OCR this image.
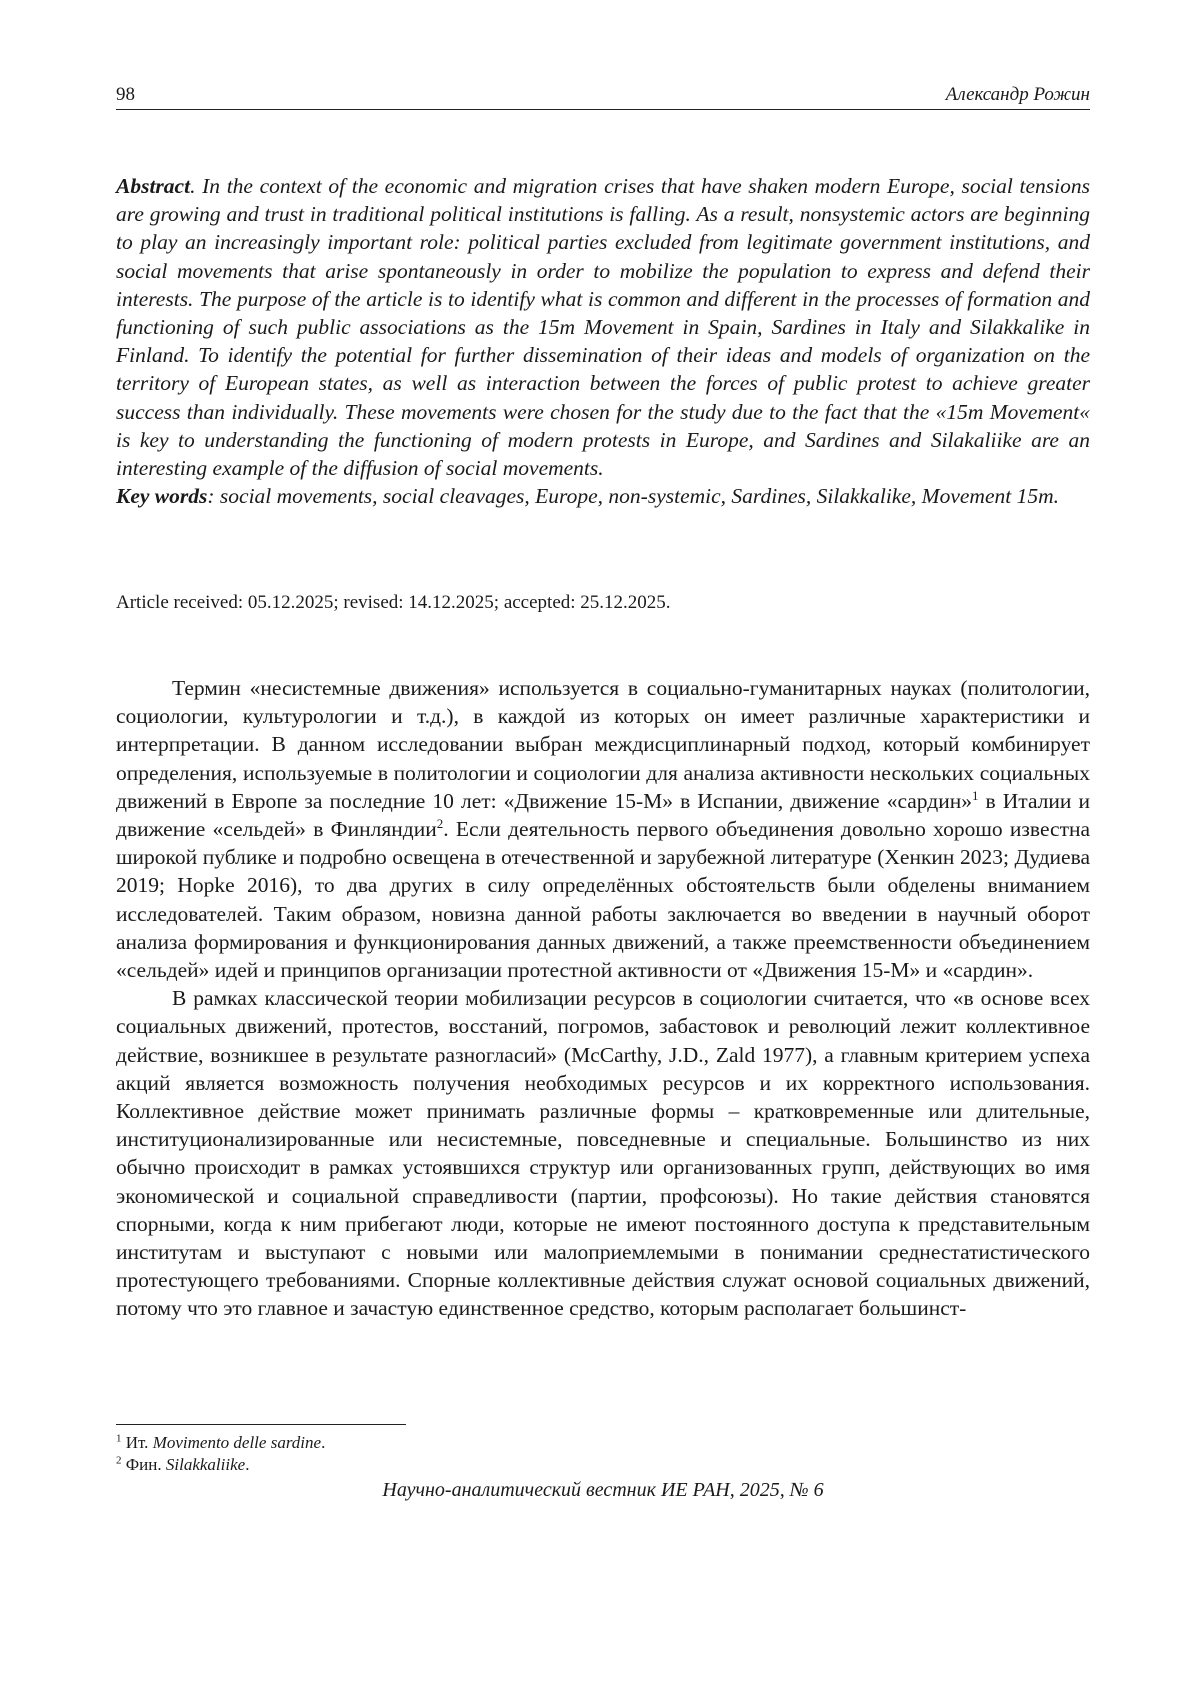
98	Александр Рожин

Abstract. In the context of the economic and migration crises that have shaken modern Europe, social tensions are growing and trust in traditional political institutions is falling. As a result, nonsystemic actors are beginning to play an increasingly important role: political parties excluded from legitimate government institutions, and social movements that arise spontaneously in order to mobilize the population to express and defend their interests. The purpose of the article is to identify what is common and different in the processes of formation and functioning of such public associations as the 15m Movement in Spain, Sardines in Italy and Silakkalike in Finland. To identify the potential for further dissemination of their ideas and models of organization on the territory of European states, as well as interaction between the forces of public protest to achieve greater success than individually. These movements were chosen for the study due to the fact that the «15m Movement« is key to understanding the functioning of modern protests in Europe, and Sardines and Silakaliike are an interesting example of the diffusion of social movements.

Key words: social movements, social cleavages, Europe, non-systemic, Sardines, Silakkalike, Movement 15m.

Article received: 05.12.2025; revised: 14.12.2025; accepted: 25.12.2025.

Термин «несистемные движения» используется в социально-гуманитарных науках (политологии, социологии, культурологии и т.д.), в каждой из которых он имеет различные характеристики и интерпретации. В данном исследовании выбран междисциплинарный подход, который комбинирует определения, используемые в политологии и социологии для анализа активности нескольких социальных движений в Европе за последние 10 лет: «Движение 15-М» в Испании, движение «сардин»$^1$ в Италии и движение «сельдей» в Финляндии$^2$. Если деятельность первого объединения довольно хорошо известна широкой публике и подробно освещена в отечественной и зарубежной литературе (Хенкин 2023; Дудиева 2019; Hopke 2016), то два других в силу определённых обстоятельств были обделены вниманием исследователей. Таким образом, новизна данной работы заключается во введении в научный оборот анализа формирования и функционирования данных движений, а также преемственности объединением «сельдей» идей и принципов организации протестной активности от «Движения 15-М» и «сардин».

В рамках классической теории мобилизации ресурсов в социологии считается, что «в основе всех социальных движений, протестов, восстаний, погромов, забастовок и революций лежит коллективное действие, возникшее в результате разногласий» (McCarthy, J.D., Zald 1977), а главным критерием успеха акций является возможность получения необходимых ресурсов и их корректного использования. Коллективное действие может принимать различные формы – кратковременные или длительные, институционализированные или несистемные, повседневные и специальные. Большинство из них обычно происходит в рамках устоявшихся структур или организованных групп, действующих во имя экономической и социальной справедливости (партии, профсоюзы). Но такие действия становятся спорными, когда к ним прибегают люди, которые не имеют постоянного доступа к представительным институтам и выступают с новыми или малоприемлемыми в понимании среднестатистического протестующего требованиями. Спорные коллективные действия служат основой социальных движений, потому что это главное и зачастую единственное средство, которым располагает большинст-

$^1$ Ит. Movimento delle sardine.

$^2$ Фин. Silakkaliike.

Научно-аналитический вестник ИЕ РАН, 2025, № 6
